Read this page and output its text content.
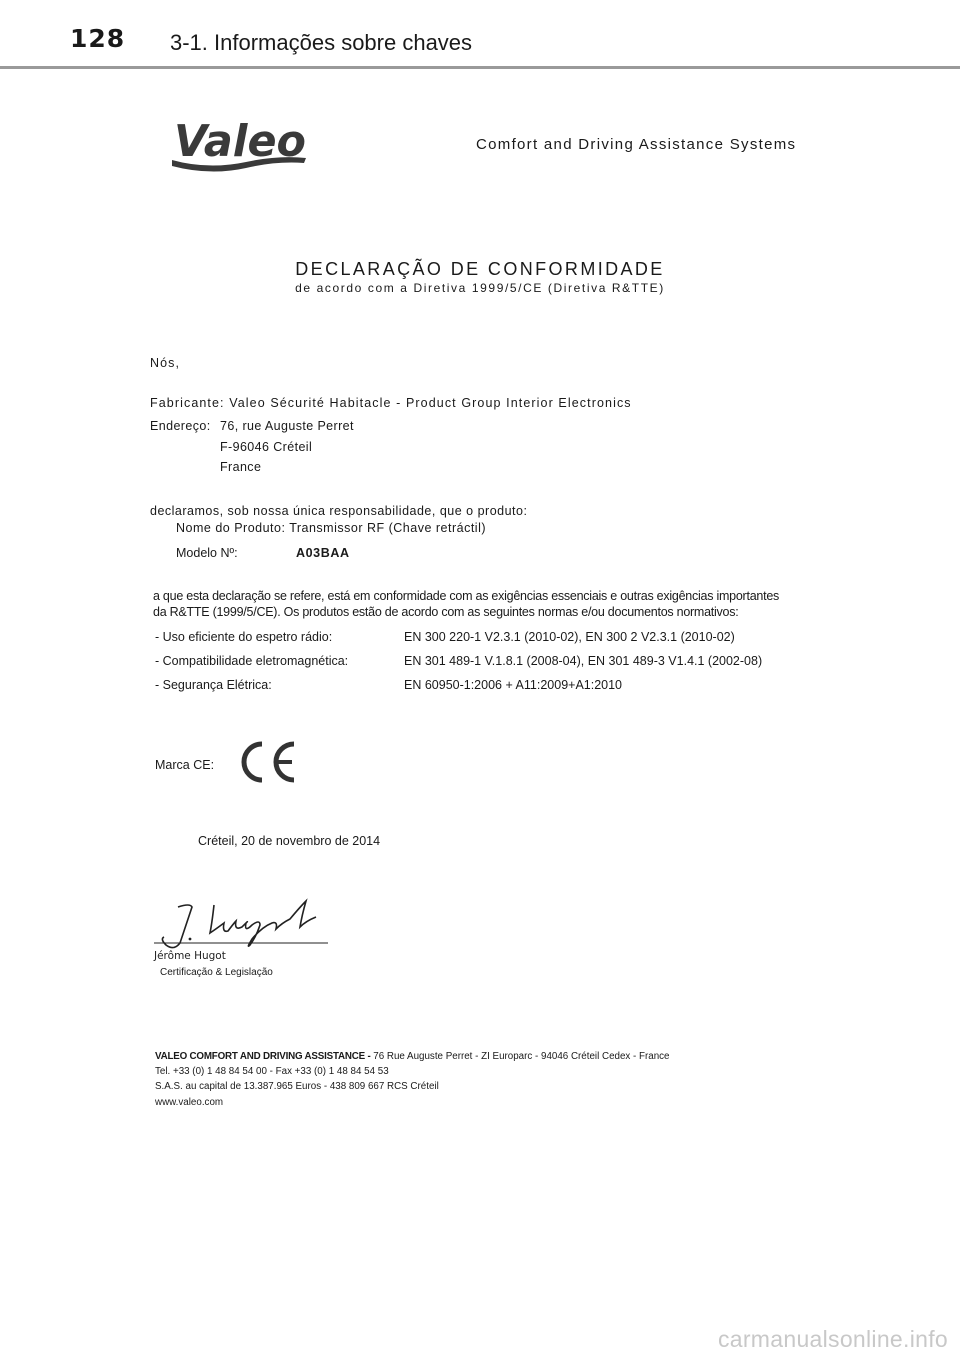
128 3-1. Informações sobre chaves
Valeo	Comfort and Driving Assistance Systems
DECLARAÇÃO DE CONFORMIDADE
de acordo com a Diretiva 1999/5/CE (Diretiva R&TTE)
Nós,
Fabricante: Valeo Sécurité Habitacle - Product Group Interior Electronics
Endereço: 76, rue Auguste Perret
F-96046 Créteil
France
declaramos, sob nossa única responsabilidade, que o produto:
Nome do Produto: Transmissor RF (Chave retráctil)
Modelo Nº:	A03BAA
a que esta declaração se refere, está em conformidade com as exigências essenciais e outras exigências importantes
da R&TTE (1999/5/CE). Os produtos estão de acordo com as seguintes normas e/ou documentos normativos:
- Uso eficiente do espetro rádio:	EN 300 220-1 V2.3.1 (2010-02), EN 300 2 V2.3.1 (2010-02)
- Compatibilidade eletromagnética:	EN 301 489-1 V.1.8.1 (2008-04), EN 301 489-3 V1.4.1 (2002-08)
- Segurança Elétrica:	EN 60950-1:2006 + A11:2009+A1:2010
Marca CE:
Créteil, 20 de novembro de 2014
Jérôme Hugot
Certificação & Legislação
VALEO COMFORT AND DRIVING ASSISTANCE - 76 Rue Auguste Perret - ZI Europarc - 94046 Créteil Cedex - France
Tel. +33 (0) 1 48 84 54 00 - Fax +33 (0) 1 48 84 54 53
S.A.S. au capital de 13.387.965 Euros - 438 809 667 RCS Créteil
www.valeo.com
carmanualsonline.info
